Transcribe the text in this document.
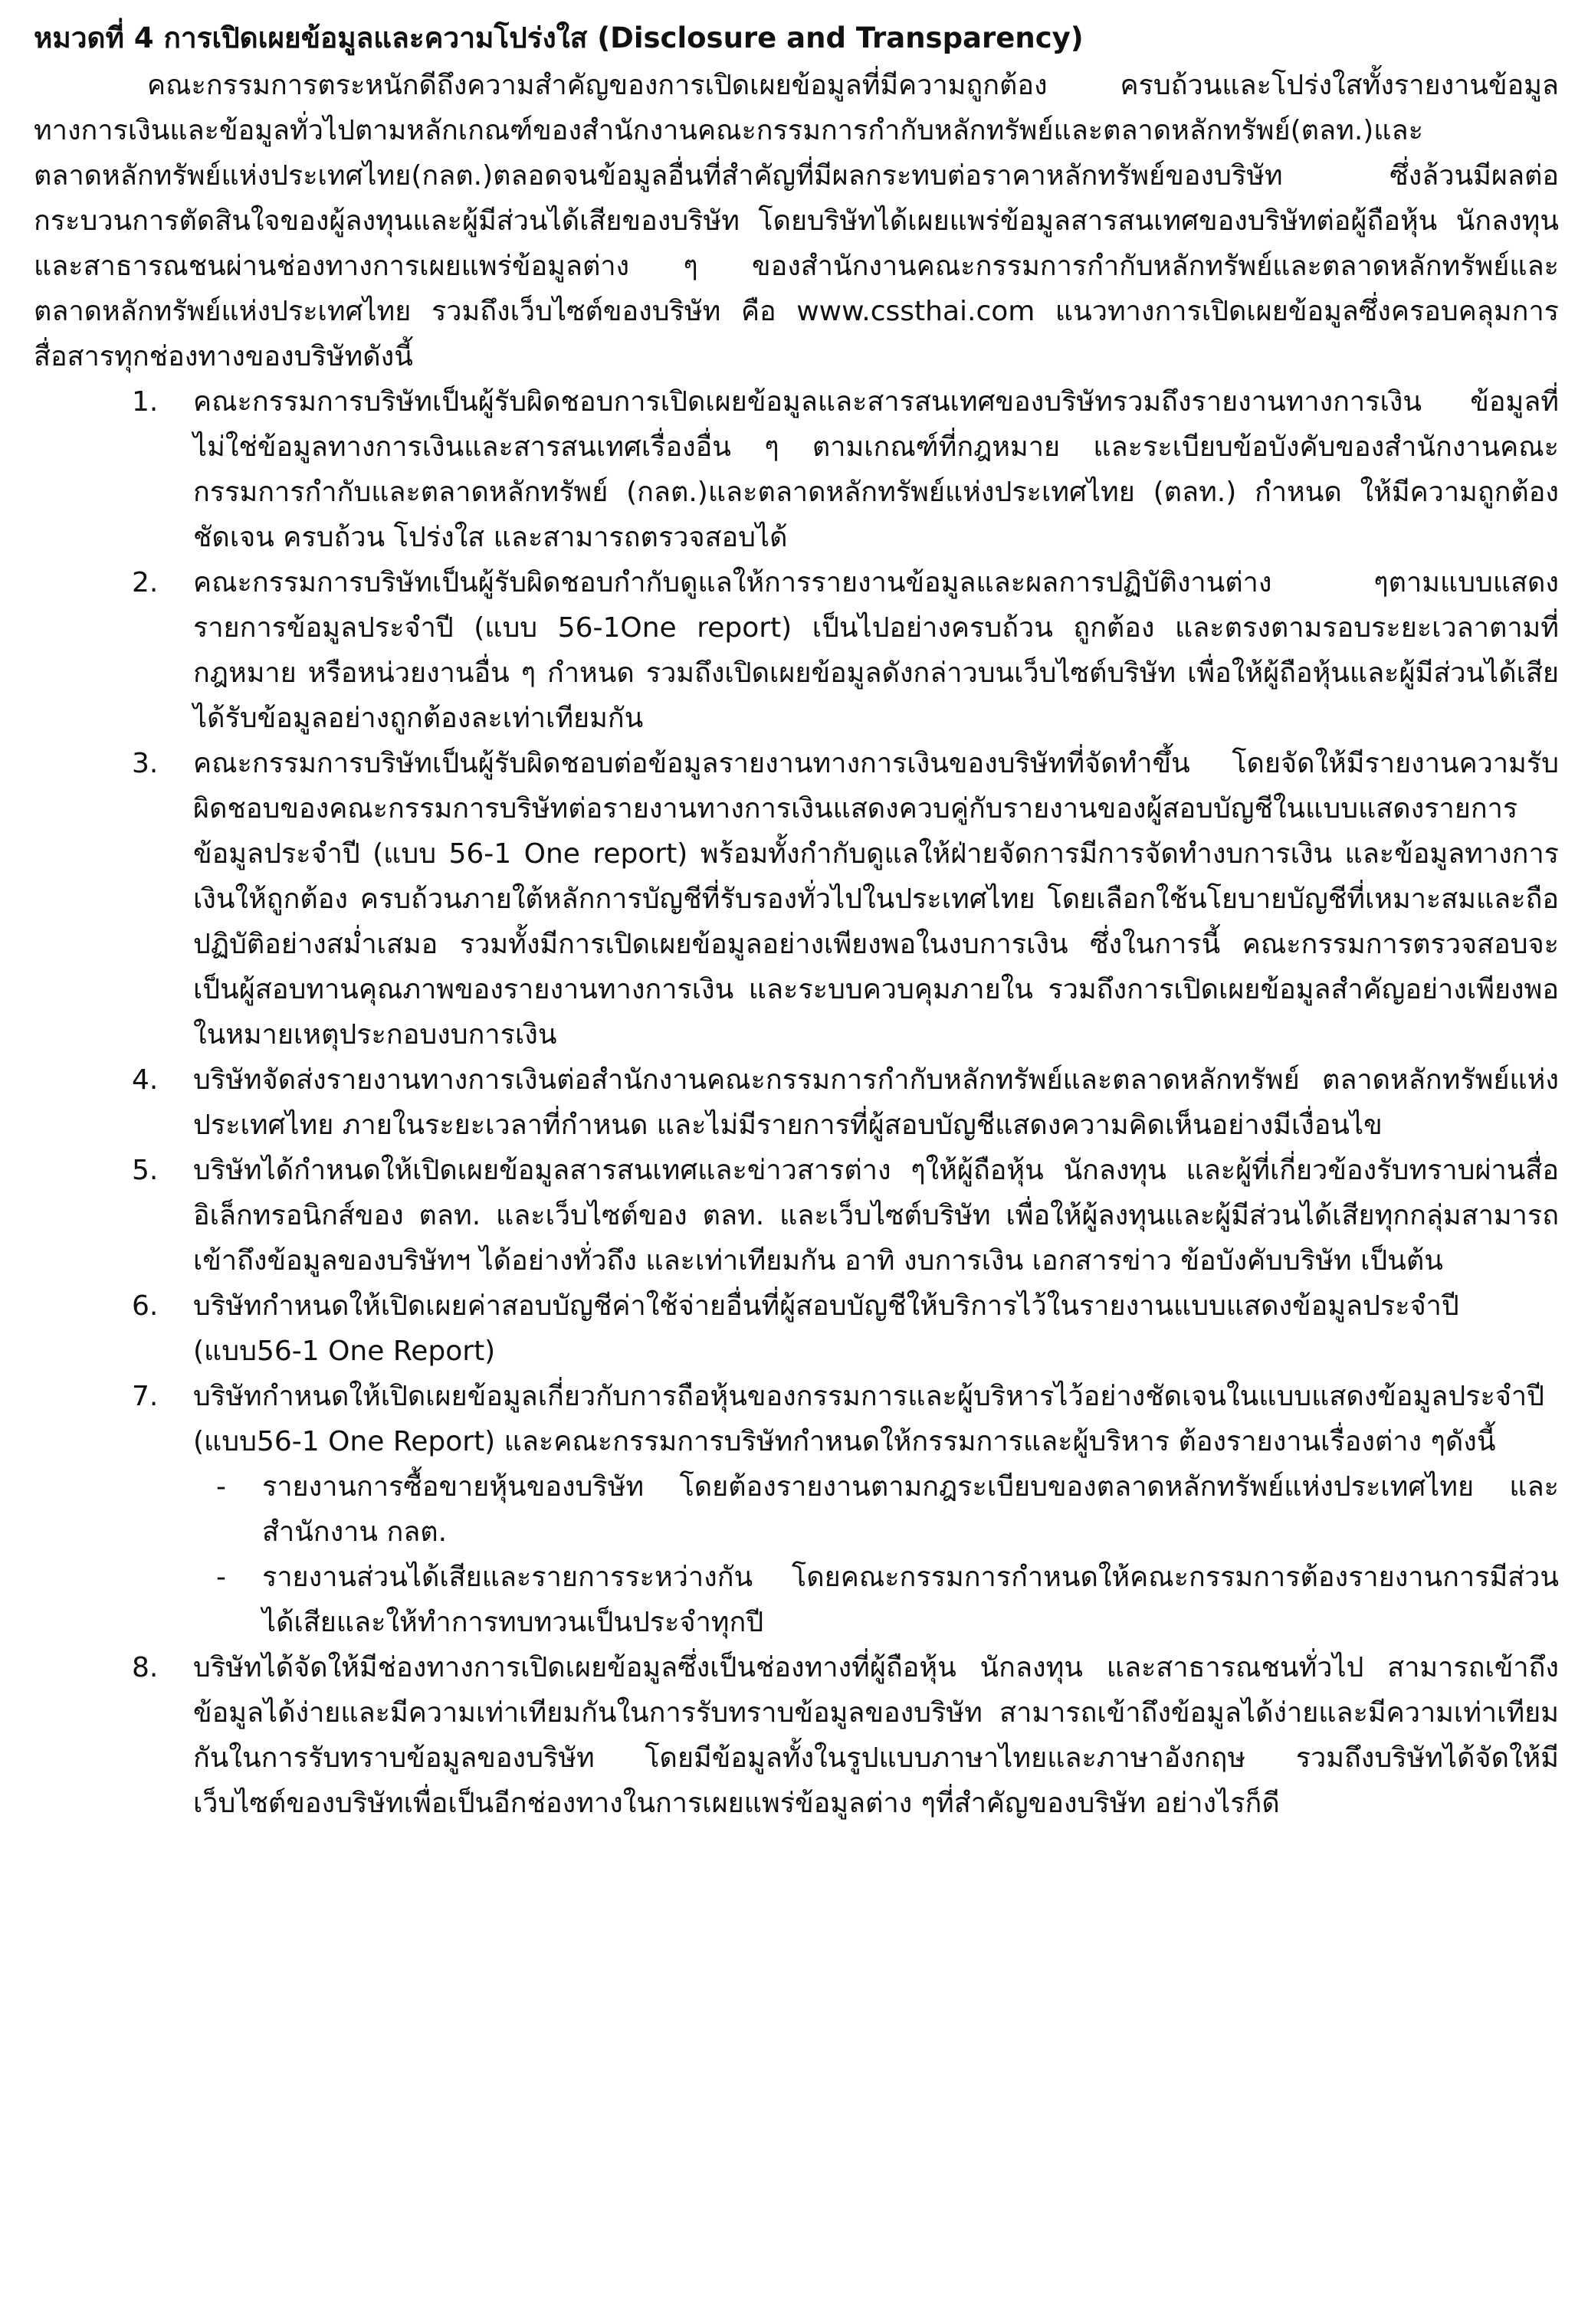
หมวดที่ 4 การเปิดเผยข้อมูลและความโปร่งใส (Disclosure and Transparency)

คณะกรรมการตระหนักดีถึงความสำคัญของการเปิดเผยข้อมูลที่มีความถูกต้อง ครบถ้วนและโปร่งใสทั้งรายงานข้อมูลทางการเงินและข้อมูลทั่วไปตามหลักเกณฑ์ของสำนักงานคณะกรรมการกำกับหลักทรัพย์และตลาดหลักทรัพย์(ตลท.)และตลาดหลักทรัพย์แห่งประเทศไทย(กลต.)ตลอดจนข้อมูลอื่นที่สำคัญที่มีผลกระทบต่อราคาหลักทรัพย์ของบริษัท ซึ่งล้วนมีผลต่อกระบวนการตัดสินใจของผู้ลงทุนและผู้มีส่วนได้เสียของบริษัท โดยบริษัทได้เผยแพร่ข้อมูลสารสนเทศของบริษัทต่อผู้ถือหุ้น นักลงทุนและสาธารณชนผ่านช่องทางการเผยแพร่ข้อมูลต่าง ๆ ของสำนักงานคณะกรรมการกำกับหลักทรัพย์และตลาดหลักทรัพย์และตลาดหลักทรัพย์แห่งประเทศไทย รวมถึงเว็บไซต์ของบริษัท คือ www.cssthai.com แนวทางการเปิดเผยข้อมูลซึ่งครอบคลุมการสื่อสารทุกช่องทางของบริษัทดังนี้

1. คณะกรรมการบริษัทเป็นผู้รับผิดชอบการเปิดเผยข้อมูลและสารสนเทศของบริษัทรวมถึงรายงานทางการเงิน ข้อมูลที่ไม่ใช่ข้อมูลทางการเงินและสารสนเทศเรื่องอื่น ๆ ตามเกณฑ์ที่กฎหมาย และระเบียบข้อบังคับของสำนักงานคณะกรรมการกำกับและตลาดหลักทรัพย์ (กลต.)และตลาดหลักทรัพย์แห่งประเทศไทย (ตลท.) กำหนด ให้มีความถูกต้อง ชัดเจน ครบถ้วน โปร่งใส และสามารถตรวจสอบได้
2. คณะกรรมการบริษัทเป็นผู้รับผิดชอบกำกับดูแลให้การรายงานข้อมูลและผลการปฏิบัติงานต่าง ๆตามแบบแสดงรายการข้อมูลประจำปี (แบบ 56-1One report) เป็นไปอย่างครบถ้วน ถูกต้อง และตรงตามรอบระยะเวลาตามที่กฎหมาย หรือหน่วยงานอื่น ๆ กำหนด รวมถึงเปิดเผยข้อมูลดังกล่าวบนเว็บไซต์บริษัท เพื่อให้ผู้ถือหุ้นและผู้มีส่วนได้เสียได้รับข้อมูลอย่างถูกต้องละเท่าเทียมกัน
3. คณะกรรมการบริษัทเป็นผู้รับผิดชอบต่อข้อมูลรายงานทางการเงินของบริษัทที่จัดทำขึ้น โดยจัดให้มีรายงานความรับผิดชอบของคณะกรรมการบริษัทต่อรายงานทางการเงินแสดงควบคู่กับรายงานของผู้สอบบัญชีในแบบแสดงรายการข้อมูลประจำปี (แบบ 56-1 One report) พร้อมทั้งกำกับดูแลให้ฝ่ายจัดการมีการจัดทำงบการเงิน และข้อมูลทางการเงินให้ถูกต้อง ครบถ้วนภายใต้หลักการบัญชีที่รับรองทั่วไปในประเทศไทย โดยเลือกใช้นโยบายบัญชีที่เหมาะสมและถือปฏิบัติอย่างสม่ำเสมอ รวมทั้งมีการเปิดเผยข้อมูลอย่างเพียงพอในงบการเงิน ซึ่งในการนี้ คณะกรรมการตรวจสอบจะเป็นผู้สอบทานคุณภาพของรายงานทางการเงิน และระบบควบคุมภายใน รวมถึงการเปิดเผยข้อมูลสำคัญอย่างเพียงพอในหมายเหตุประกอบงบการเงิน
4. บริษัทจัดส่งรายงานทางการเงินต่อสำนักงานคณะกรรมการกำกับหลักทรัพย์และตลาดหลักทรัพย์ ตลาดหลักทรัพย์แห่งประเทศไทย ภายในระยะเวลาที่กำหนด และไม่มีรายการที่ผู้สอบบัญชีแสดงความคิดเห็นอย่างมีเงื่อนไข
5. บริษัทได้กำหนดให้เปิดเผยข้อมูลสารสนเทศและข่าวสารต่าง ๆให้ผู้ถือหุ้น นักลงทุน และผู้ที่เกี่ยวข้องรับทราบผ่านสื่ออิเล็กทรอนิกส์ของ ตลท. และเว็บไซต์ของ ตลท. และเว็บไซต์บริษัท เพื่อให้ผู้ลงทุนและผู้มีส่วนได้เสียทุกกลุ่มสามารถเข้าถึงข้อมูลของบริษัทฯ ได้อย่างทั่วถึง และเท่าเทียมกัน อาทิ งบการเงิน เอกสารข่าว ข้อบังคับบริษัท เป็นต้น
6. บริษัทกำหนดให้เปิดเผยค่าสอบบัญชีค่าใช้จ่ายอื่นที่ผู้สอบบัญชีให้บริการไว้ในรายงานแบบแสดงข้อมูลประจำปี (แบบ56-1 One Report)
7. บริษัทกำหนดให้เปิดเผยข้อมูลเกี่ยวกับการถือหุ้นของกรรมการและผู้บริหารไว้อย่างชัดเจนในแบบแสดงข้อมูลประจำปี (แบบ56-1 One Report) และคณะกรรมการบริษัทกำหนดให้กรรมการและผู้บริหาร ต้องรายงานเรื่องต่าง ๆดังนี้
- รายงานการซื้อขายหุ้นของบริษัท โดยต้องรายงานตามกฎระเบียบของตลาดหลักทรัพย์แห่งประเทศไทย และสำนักงาน กลต.
- รายงานส่วนได้เสียและรายการระหว่างกัน โดยคณะกรรมการกำหนดให้คณะกรรมการต้องรายงานการมีส่วนได้เสียและให้ทำการทบทวนเป็นประจำทุกปี
8. บริษัทได้จัดให้มีช่องทางการเปิดเผยข้อมูลซึ่งเป็นช่องทางที่ผู้ถือหุ้น นักลงทุน และสาธารณชนทั่วไป สามารถเข้าถึงข้อมูลได้ง่ายและมีความเท่าเทียมกันในการรับทราบข้อมูลของบริษัท สามารถเข้าถึงข้อมูลได้ง่ายและมีความเท่าเทียมกันในการรับทราบข้อมูลของบริษัท โดยมีข้อมูลทั้งในรูปแบบภาษาไทยและภาษาอังกฤษ รวมถึงบริษัทได้จัดให้มีเว็บไซต์ของบริษัทเพื่อเป็นอีกช่องทางในการเผยแพร่ข้อมูลต่าง ๆที่สำคัญของบริษัท อย่างไรก็ดี
